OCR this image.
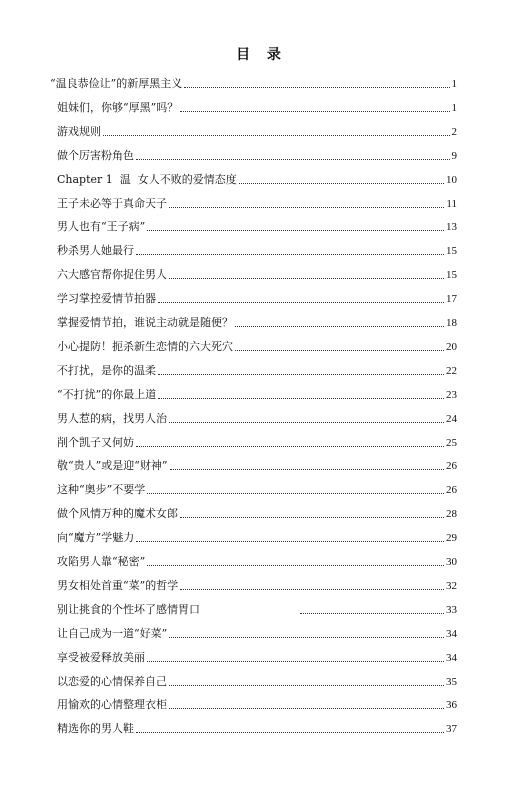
目 录
“温良恭俭让”的新厚黑主义	1
姐妹们，你够“厚黑”吗？	1
游戏规则	2
做个厉害粉角色	9
Chapter 1  温  女人不败的爱情态度	10
王子未必等于真命天子	11
男人也有“王子病”	13
秒杀男人她最行	15
六大感官帮你捉住男人	15
学习掌控爱情节拍器	17
掌握爱情节拍，谁说主动就是随便？	18
小心提防！扼杀新生恋情的六大死穴	20
不打扰，是你的温柔	22
“不打扰”的你最上道	23
男人惹的病，找男人治	24
削个凯子又何妨	25
敬“贵人”或是迎“财神”	26
这种“奥步”不要学	26
做个风情万种的魔术女郎	28
向“魔方”学魅力	29
攻陷男人靠“秘密”	30
男女相处首重“菜”的哲学	32
别让挑食的个性坏了感情胃口	33
让自己成为一道“好菜”	34
享受被爱释放美丽	34
以恋爱的心情保养自己	35
用愉欢的心情整理衣柜	36
精选你的男人鞋	37
